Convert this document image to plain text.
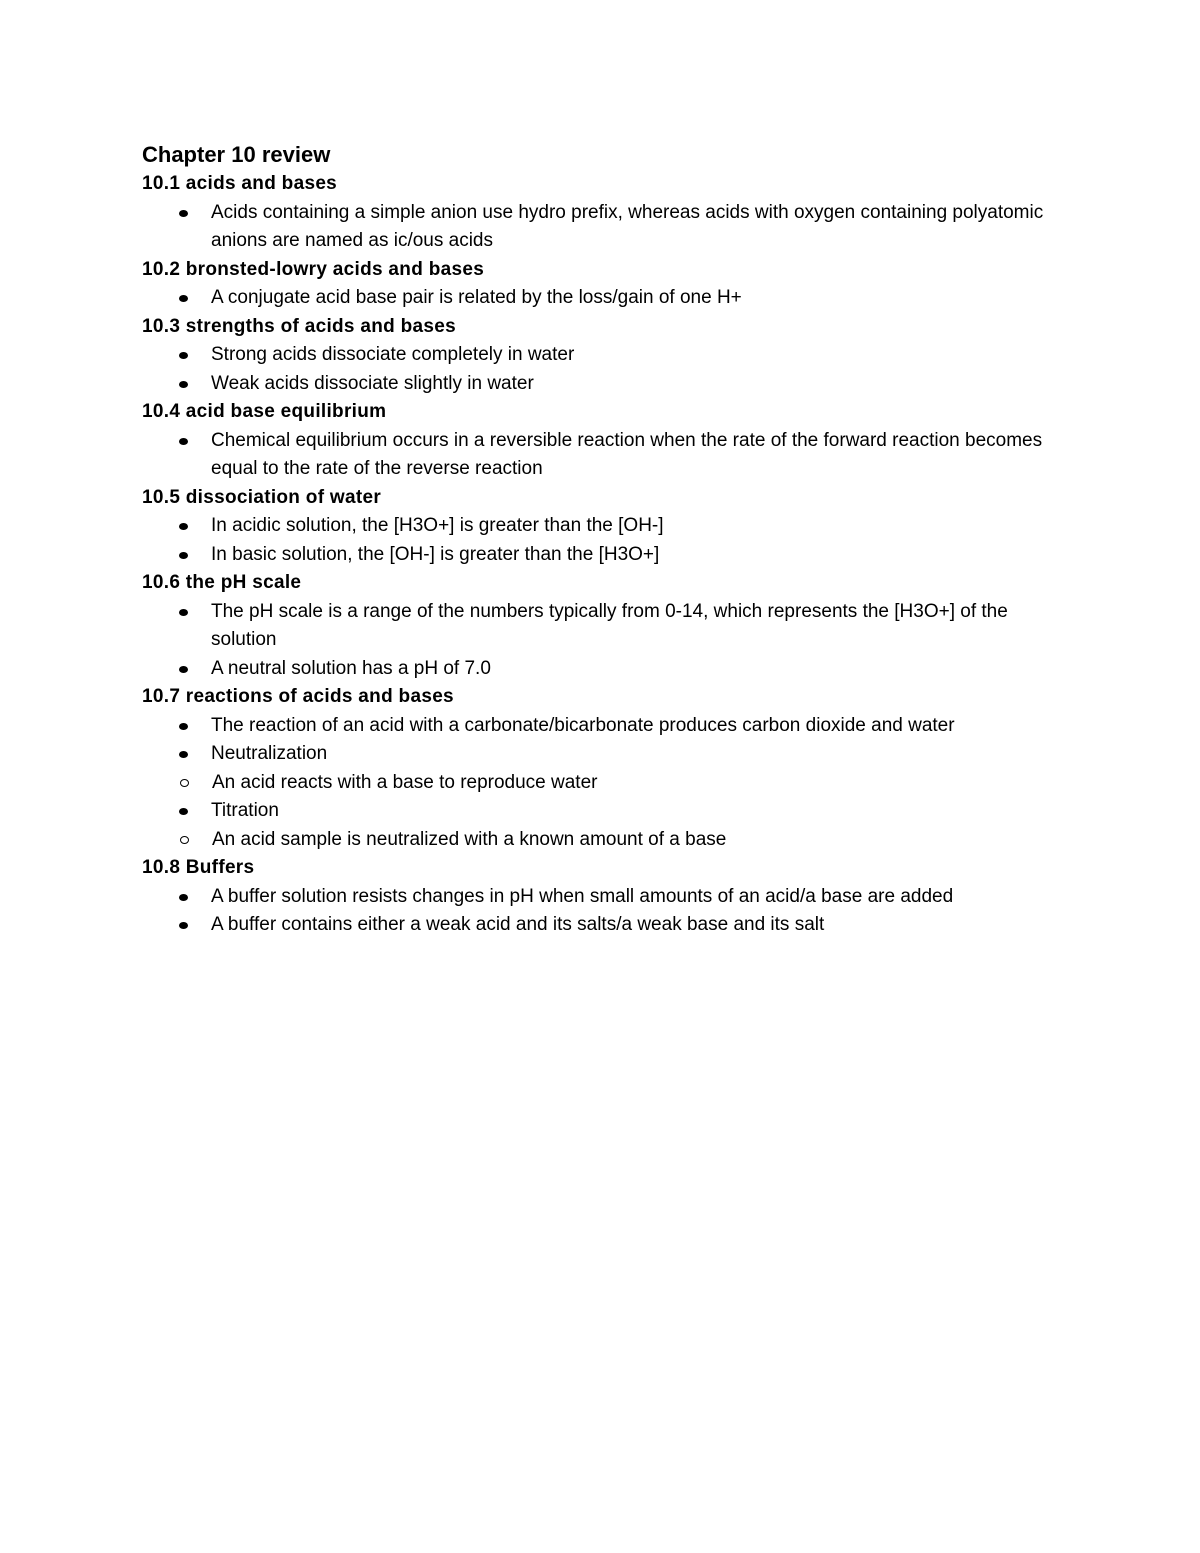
Chapter 10 review
10.1 acids and bases
Acids containing a simple anion use hydro prefix, whereas acids with oxygen containing polyatomic anions are named as ic/ous acids
10.2 bronsted-lowry acids and bases
A conjugate acid base pair is related by the loss/gain of one H+
10.3 strengths of acids and bases
Strong acids dissociate completely in water
Weak acids dissociate slightly in water
10.4 acid base equilibrium
Chemical equilibrium occurs in a reversible reaction when the rate of the forward reaction becomes equal to the rate of the reverse reaction
10.5 dissociation of water
In acidic solution, the [H3O+] is greater than the [OH-]
In basic solution, the [OH-] is greater than the [H3O+]
10.6 the pH scale
The pH scale is a range of the numbers typically from 0-14, which represents the [H3O+] of the solution
A neutral solution has a pH of 7.0
10.7 reactions of acids and bases
The reaction of an acid with a carbonate/bicarbonate produces carbon dioxide and water
Neutralization
An acid reacts with a base to reproduce water
Titration
An acid sample is neutralized with a known amount of a base
10.8 Buffers
A buffer solution resists changes in pH when small amounts of an acid/a base are added
A buffer contains either a weak acid and its salts/a weak base and its salt
